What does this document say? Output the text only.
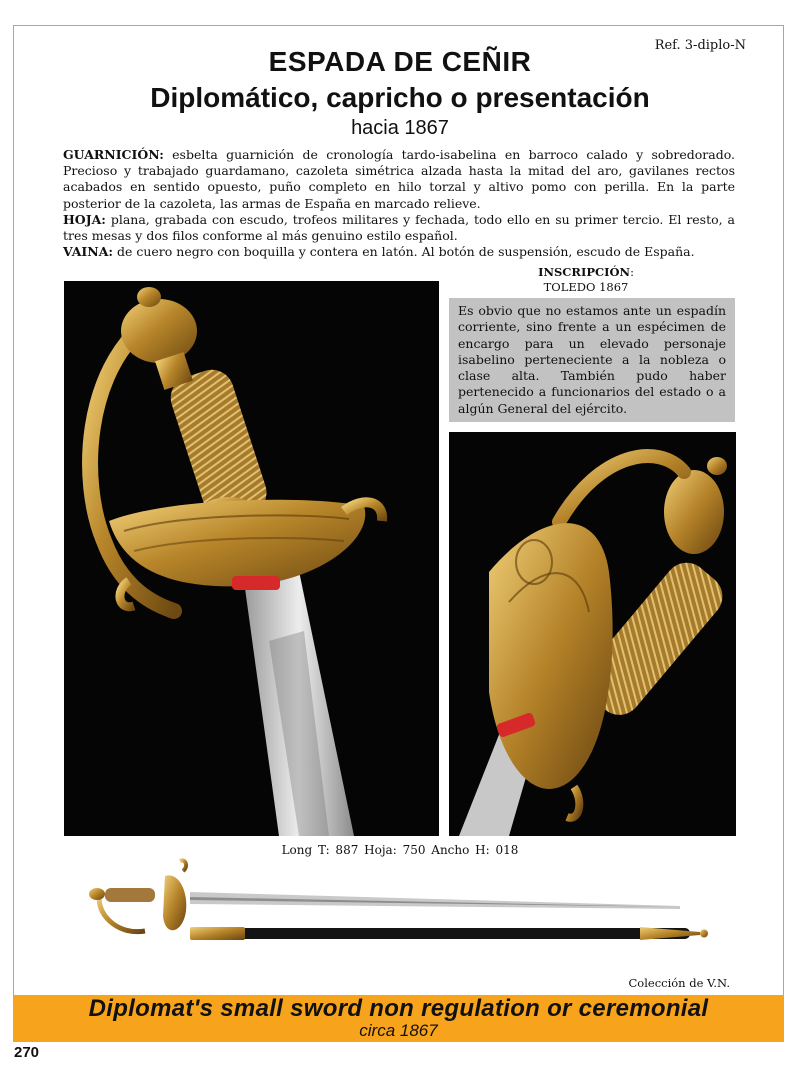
Ref. 3-diplo-N
ESPADA DE CEÑIR
Diplomático, capricho o presentación
hacia 1867

GUARNICIÓN: esbelta guarnición de cronología tardo-isabelina en barroco calado y sobredorado. Precioso y trabajado guardamano, cazoleta simétrica alzada hasta la mitad del aro, gavilanes rectos acabados en sentido opuesto, puño completo en hilo torzal y altivo pomo con perilla. En la parte posterior de la cazoleta, las armas de España en marcado relieve.

HOJA: plana, grabada con escudo, trofeos militares y fechada, todo ello en su primer tercio. El resto, a tres mesas y dos filos conforme al más genuino estilo español.

VAINA: de cuero negro con boquilla y contera en latón. Al botón de suspensión, escudo de España.

INSCRIPCIÓN:
TOLEDO 1867
Es obvio que no estamos ante un espadín corriente, sino frente a un espécimen de encargo para un elevado personaje isabelino perteneciente a la nobleza o clase alta. También pudo haber pertenecido a funcionarios del estado o a algún General del ejército.
Long T: 887 Hoja: 750 Ancho H: 018
Colección de V.N.
Diplomat's small sword non regulation or ceremonial
circa 1867
270
